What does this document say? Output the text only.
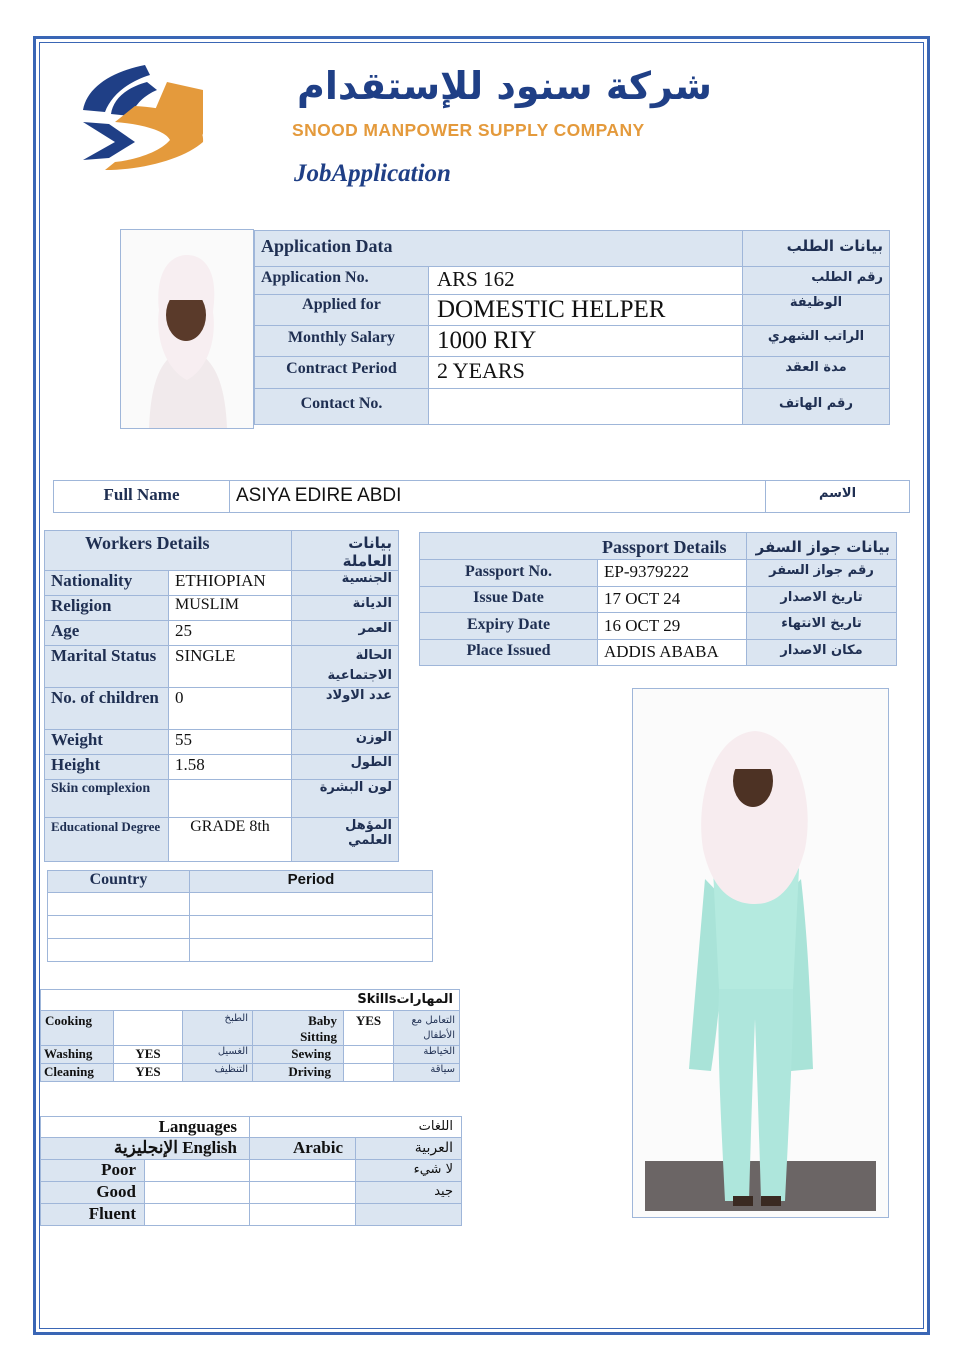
شركة سنود للإستقدام
SNOOD MANPOWER SUPPLY COMPANY
JobApplication
Application Data		بيانات الطلب
Application No.	ARS 162	رقم الطلب
Applied for	DOMESTIC HELPER	الوظيفة
Monthly Salary	1000 RIY	الراتب الشهري
Contract Period	2 YEARS	مدة العقد
Contact No.		رقم الهاتف
Full Name	ASIYA EDIRE ABDI	الاسم
Workers Details		بيانات العاملة
Nationality	ETHIOPIAN	الجنسية
Religion	MUSLIM	الديانة
Age	25	العمر
Marital Status	SINGLE	الحالة الاجتماعية
No. of children	0	عدد الاولاد
Weight	55	الوزن
Height	1.58	الطول
Skin complexion		لون البشرة
Educational Degree	GRADE 8th	المؤهل العلمي
Passport Details		بيانات جواز السفر
Passport No.	EP-9379222	رقم جواز السفر
Issue Date	17 OCT 24	تاريخ الاصدار
Expiry Date	16 OCT 29	تاريخ الانتهاء
Place Issued	ADDIS ABABA	مكان الاصدار
Country	Period

Skillsالمهارات					
Cooking		الطبخ	Baby Sitting	YES	التعامل مع الأطفال
Washing	YES	الغسيل	Sewing		الخياطة
Cleaning	YES	التنظيف	Driving		سياقة
Languages		اللغات	
الإنجليزية English		Arabic	العربية
Poor			لا شيء
Good			جيد
Fluent			
